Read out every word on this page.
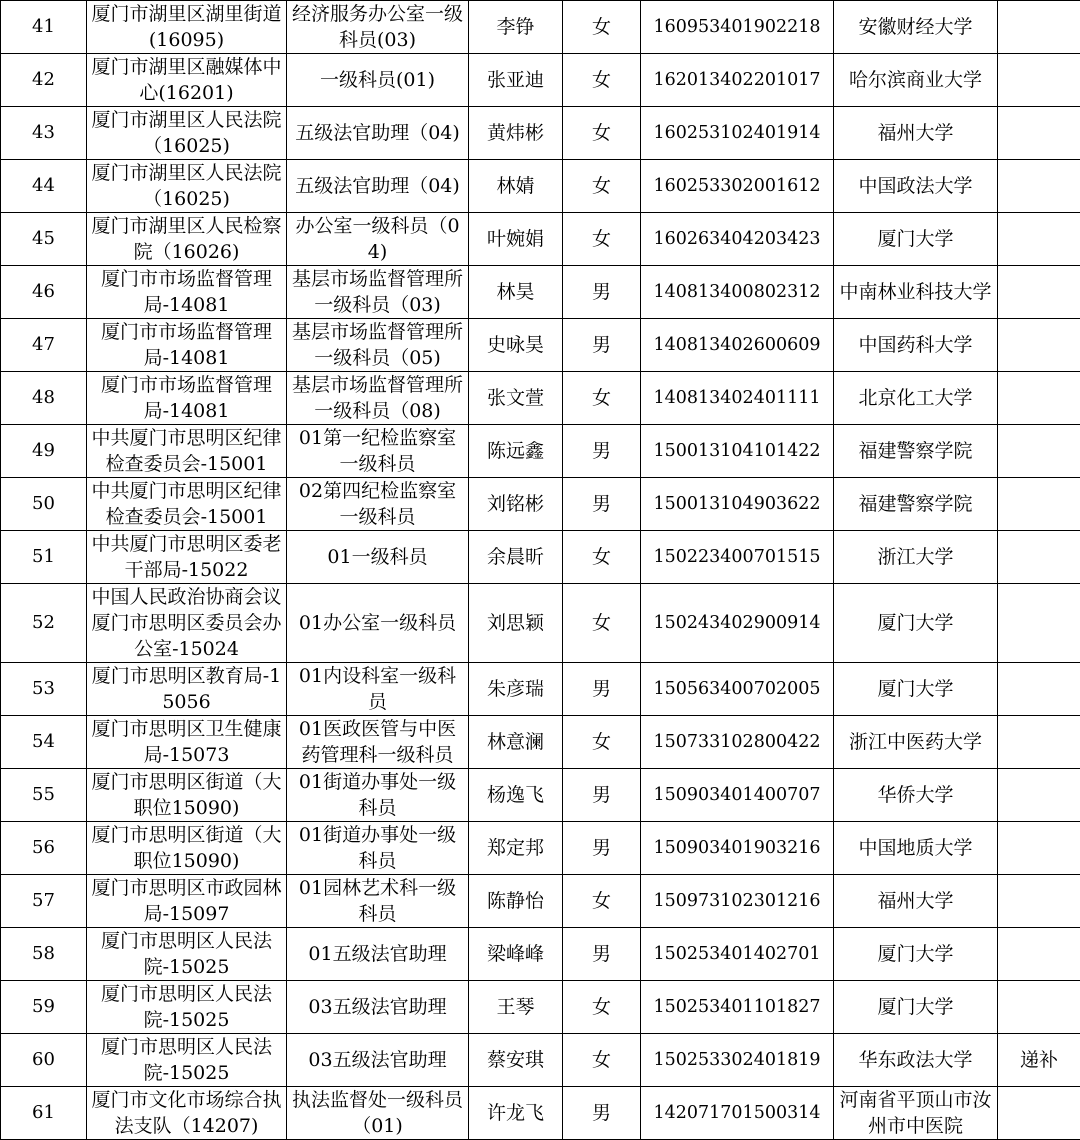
41	厦门市湖里区湖里街道(16095)	经济服务办公室一级科员(03)	李铮	女	160953401902218	安徽财经大学	
42	厦门市湖里区融媒体中心(16201)	一级科员(01)	张亚迪	女	162013402201017	哈尔滨商业大学	
43	厦门市湖里区人民法院（16025)	五级法官助理（04)	黄炜彬	女	160253102401914	福州大学	
44	厦门市湖里区人民法院（16025)	五级法官助理（04)	林婧	女	160253302001612	中国政法大学	
45	厦门市湖里区人民检察院（16026)	办公室一级科员（04)	叶婉娟	女	160263404203423	厦门大学	
46	厦门市市场监督管理局-14081	基层市场监督管理所一级科员（03)	林昊	男	140813400802312	中南林业科技大学	
47	厦门市市场监督管理局-14081	基层市场监督管理所一级科员（05)	史咏昊	男	140813402600609	中国药科大学	
48	厦门市市场监督管理局-14081	基层市场监督管理所一级科员（08)	张文萱	女	140813402401111	北京化工大学	
49	中共厦门市思明区纪律检查委员会-15001	01第一纪检监察室一级科员	陈远鑫	男	150013104101422	福建警察学院	
50	中共厦门市思明区纪律检查委员会-15001	02第四纪检监察室一级科员	刘铭彬	男	150013104903622	福建警察学院	
51	中共厦门市思明区委老干部局-15022	01一级科员	余晨昕	女	150223400701515	浙江大学	
52	中国人民政治协商会议厦门市思明区委员会办公室-15024	01办公室一级科员	刘思颖	女	150243402900914	厦门大学	
53	厦门市思明区教育局-15056	01内设科室一级科员	朱彦瑞	男	150563400702005	厦门大学	
54	厦门市思明区卫生健康局-15073	01医政医管与中医药管理科一级科员	林意澜	女	150733102800422	浙江中医药大学	
55	厦门市思明区街道（大职位15090)	01街道办事处一级科员	杨逸飞	男	150903401400707	华侨大学	
56	厦门市思明区街道（大职位15090)	01街道办事处一级科员	郑定邦	男	150903401903216	中国地质大学	
57	厦门市思明区市政园林局-15097	01园林艺术科一级科员	陈静怡	女	150973102301216	福州大学	
58	厦门市思明区人民法院-15025	01五级法官助理	梁峰峰	男	150253401402701	厦门大学	
59	厦门市思明区人民法院-15025	03五级法官助理	王琴	女	150253401101827	厦门大学	
60	厦门市思明区人民法院-15025	03五级法官助理	蔡安琪	女	150253302401819	华东政法大学	递补
61	厦门市文化市场综合执法支队（14207)	执法监督处一级科员（01)	许龙飞	男	142071701500314	河南省平顶山市汝州市中医院	
